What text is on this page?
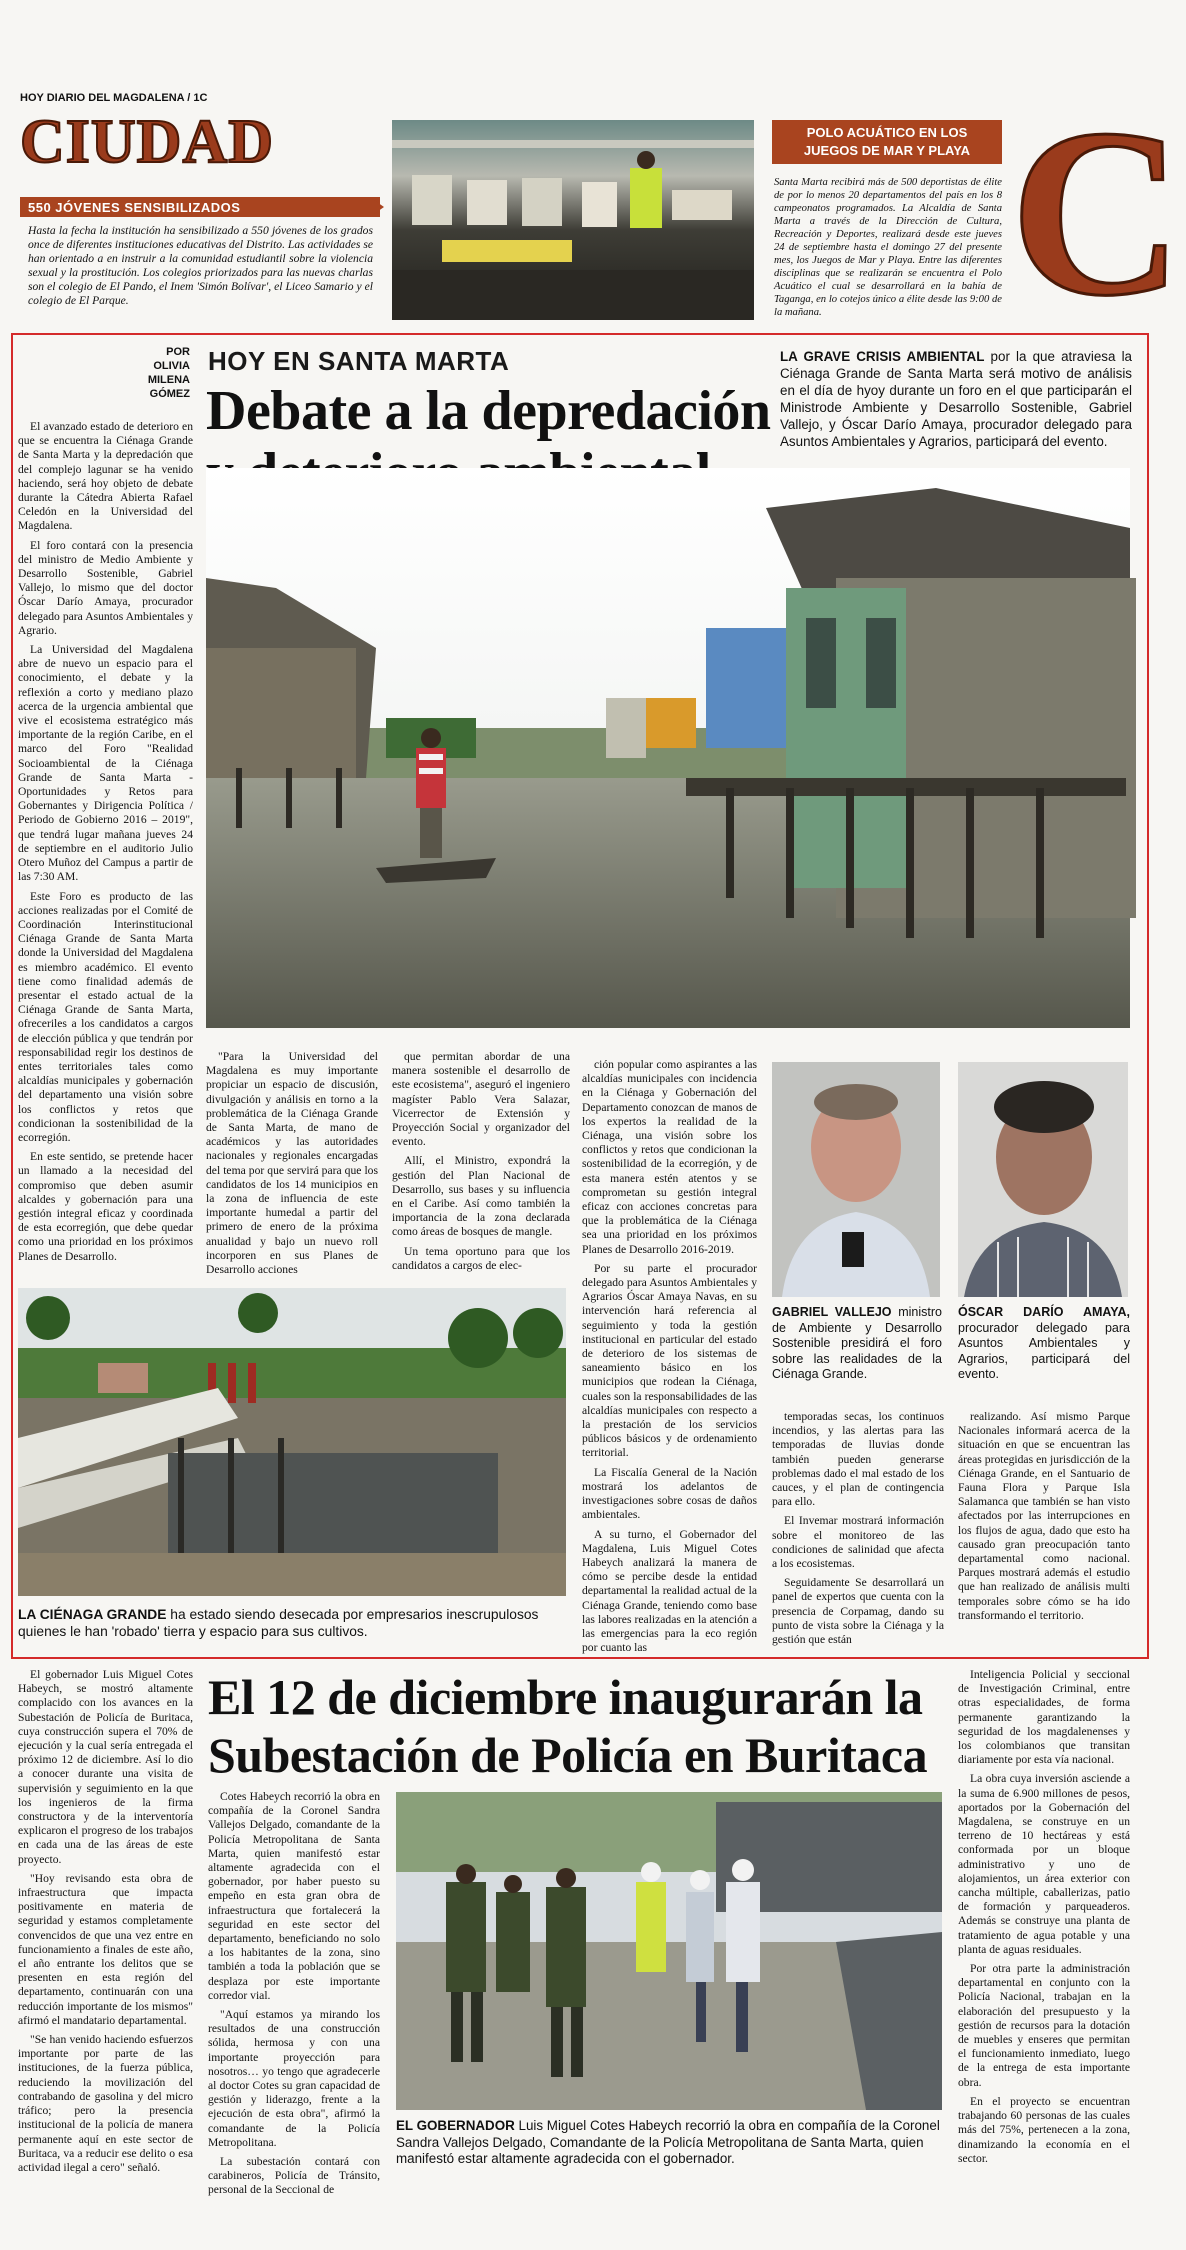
HOY DIARIO DEL MAGDALENA / 1C
CIUDAD
550 JÓVENES SENSIBILIZADOS
Hasta la fecha la institución ha sensibilizado a 550 jóvenes de los grados once de diferentes instituciones educativas del Distrito. Las actividades se han orientado a en instruir a la comunidad estudiantil sobre la violencia sexual y la prostitución. Los colegios priorizados para las nuevas charlas son el colegio de El Pando, el Inem 'Simón Bolívar', el Liceo Samario y el colegio de El Parque.
POLO ACUÁTICO EN LOS
JUEGOS DE MAR Y PLAYA
Santa Marta recibirá más de 500 deportistas de élite de por lo menos 20 departamentos del país en los 8 campeonatos programados. La Alcaldía de Santa Marta a través de la Dirección de Cultura, Recreación y Deportes, realizará desde este jueves 24 de septiembre hasta el domingo 27 del presente mes, los Juegos de Mar y Playa. Entre las diferentes disciplinas que se realizarán se encuentra el Polo Acuático el cual se desarrollará en la bahía de Taganga, en lo cotejos único a élite desde las 9:00 de la mañana. C
POR
OLIVIA
MILENA
GÓMEZ
HOY EN SANTA MARTA
Debate a la depredación
LA GRAVE CRISIS AMBIENTAL por la que atraviesa la Ciénaga Grande de Santa Marta será motivo de análisis en el día de hyoy durante un foro en el que participarán el Ministrode Ambiente y Desarrollo Sostenible, Gabriel Vallejo, y Óscar Darío Amaya, procurador delegado para Asuntos Ambientales y Agrarios, participará del evento.

El avanzado estado de deterioro en que se encuentra la Ciénaga Grande de Santa Marta y la depredación que del complejo lagunar se ha venido haciendo, será hoy objeto de debate durante la Cátedra Abierta Rafael Celedón en la Universidad del Magdalena.

El foro contará con la presencia del ministro de Medio Ambiente y Desarrollo Sostenible, Gabriel Vallejo, lo mismo que del doctor Óscar Darío Amaya, procurador delegado para Asuntos Ambientales y Agrario.

La Universidad del Magdalena abre de nuevo un espacio para el conocimiento, el debate y la reflexión a corto y mediano plazo acerca de la urgencia ambiental que vive el ecosistema estratégico más importante de la región Caribe, en el marco del Foro "Realidad Socioambiental de la Ciénaga Grande de Santa Marta - Oportunidades y Retos para Gobernantes y Dirigencia Política / Periodo de Gobierno 2016 – 2019", que tendrá lugar mañana jueves 24 de septiembre en el auditorio Julio Otero Muñoz del Campus a partir de las 7:30 AM.

Este Foro es producto de las acciones realizadas por el Comité de Coordinación Interinstitucional Ciénaga Grande de Santa Marta donde la Universidad del Magdalena es miembro académico. El evento tiene como finalidad además de presentar el estado actual de la Ciénaga Grande de Santa Marta, ofreceriles a los candidatos a cargos de elección pública y que tendrán por responsabilidad regir los destinos de entes territoriales tales como alcaldías municipales y gobernación del departamento una visión sobre los conflictos y retos que condicionan la sostenibilidad de la ecorregión.

En este sentido, se pretende hacer un llamado a la necesidad del compromiso que deben asumir alcaldes y gobernación para una gestión integral eficaz y coordinada de esta ecorregión, que debe quedar como una prioridad en los próximos Planes de Desarrollo.

"Para la Universidad del Magdalena es muy importante propiciar un espacio de discusión, divulgación y análisis en torno a la problemática de la Ciénaga Grande de Santa Marta, de mano de académicos y las autoridades nacionales y regionales encargadas del tema por que servirá para que los candidatos de los 14 municipios en la zona de influencia de este importante humedal a partir del primero de enero de la próxima anualidad y bajo un nuevo roll incorporen en sus Planes de Desarrollo acciones

que permitan abordar de una manera sostenible el desarrollo de este ecosistema", aseguró el ingeniero magíster Pablo Vera Salazar, Vicerrector de Extensión y Proyección Social y organizador del evento.

Allí, el Ministro, expondrá la gestión del Plan Nacional de Desarrollo, sus bases y su influencia en el Caribe. Así como también la importancia de la zona declarada como áreas de bosques de mangle.

Un tema oportuno para que los candidatos a cargos de elec-

ción popular como aspirantes a las alcaldías municipales con incidencia en la Ciénaga y Gobernación del Departamento conozcan de manos de los expertos la realidad de la Ciénaga, una visión sobre los conflictos y retos que condicionan la sostenibilidad de la ecorregión, y de esta manera estén atentos y se comprometan su gestión integral eficaz con acciones concretas para que la problemática de la Ciénaga sea una prioridad en los próximos Planes de Desarrollo 2016-2019.

Por su parte el procurador delegado para Asuntos Ambientales y Agrarios Óscar Amaya Navas, en su intervención hará referencia al seguimiento y toda la gestión institucional en particular del estado de deterioro de los sistemas de saneamiento básico en los municipios que rodean la Ciénaga, cuales son la responsabilidades de las alcaldías municipales con respecto a la prestación de los servicios públicos básicos y de ordenamiento territorial.

La Fiscalía General de la Nación mostrará los adelantos de investigaciones sobre cosas de daños ambientales.

A su turno, el Gobernador del Magdalena, Luis Miguel Cotes Habeych analizará la manera de cómo se percibe desde la entidad departamental la realidad actual de la Ciénaga Grande, teniendo como base las labores realizadas en la atención a las emergencias para la eco región por cuanto las

GABRIEL VALLEJO ministro de Ambiente y Desarrollo Sostenible presidirá el foro sobre las realidades de la Ciénaga Grande.
ÓSCAR DARÍO AMAYA, procurador delegado para Asuntos Ambientales y Agrarios, participará del evento.

temporadas secas, los continuos incendios, y las alertas para las temporadas de lluvias donde también pueden generarse problemas dado el mal estado de los cauces, y el plan de contingencia para ello.

El Invemar mostrará información sobre el monitoreo de las condiciones de salinidad que afecta a los ecosistemas.

Seguidamente Se desarrollará un panel de expertos que cuenta con la presencia de Corpamag, dando su punto de vista sobre la Ciénaga y la gestión que están

realizando. Así mismo Parque Nacionales informará acerca de la situación en que se encuentran las áreas protegidas en jurisdicción de la Ciénaga Grande, en el Santuario de Fauna Flora y Parque Isla Salamanca que también se han visto afectados por las interrupciones en los flujos de agua, dado que esto ha causado gran preocupación tanto departamental como nacional. Parques mostrará además el estudio que han realizado de análisis multi temporales sobre cómo se ha ido transformando el territorio.

LA CIÉNAGA GRANDE ha estado siendo desecada por empresarios inescrupulosos quienes le han 'robado' tierra y espacio para sus cultivos.
El 12 de diciembre inaugurarán la
Subestación de Policía en Buritaca

El gobernador Luis Miguel Cotes Habeych, se mostró altamente complacido con los avances en la Subestación de Policía de Buritaca, cuya construcción supera el 70% de ejecución y la cual sería entregada el próximo 12 de diciembre. Así lo dio a conocer durante una visita de supervisión y seguimiento en la que los ingenieros de la firma constructora y de la interventoría explicaron el progreso de los trabajos en cada una de las áreas de este proyecto.

"Hoy revisando esta obra de infraestructura que impacta positivamente en materia de seguridad y estamos completamente convencidos de que una vez entre en funcionamiento a finales de este año, el año entrante los delitos que se presenten en esta región del departamento, continuarán con una reducción importante de los mismos" afirmó el mandatario departamental.

"Se han venido haciendo esfuerzos importante por parte de las instituciones, de la fuerza pública, reduciendo la movilización del contrabando de gasolina y del micro tráfico; pero la presencia institucional de la policía de manera permanente aquí en este sector de Buritaca, va a reducir ese delito o esa actividad ilegal a cero" señaló.

Cotes Habeych recorrió la obra en compañía de la Coronel Sandra Vallejos Delgado, comandante de la Policía Metropolitana de Santa Marta, quien manifestó estar altamente agradecida con el gobernador, por haber puesto su empeño en esta gran obra de infraestructura que fortalecerá la seguridad en este sector del departamento, beneficiando no solo a los habitantes de la zona, sino también a toda la población que se desplaza por este importante corredor vial.

"Aquí estamos ya mirando los resultados de una construcción sólida, hermosa y con una importante proyección para nosotros… yo tengo que agradecerle al doctor Cotes su gran capacidad de gestión y liderazgo, frente a la ejecución de esta obra", afirmó la comandante de la Policía Metropolitana.

La subestación contará con carabineros, Policía de Tránsito, personal de la Seccional de

EL GOBERNADOR Luis Miguel Cotes Habeych recorrió la obra en compañía de la Coronel Sandra Vallejos Delgado, Comandante de la Policía Metropolitana de Santa Marta, quien manifestó estar altamente agradecida con el gobernador.

Inteligencia Policial y seccional de Investigación Criminal, entre otras especialidades, de forma permanente garantizando la seguridad de los magdalenenses y los colombianos que transitan diariamente por esta vía nacional.

La obra cuya inversión asciende a la suma de 6.900 millones de pesos, aportados por la Gobernación del Magdalena, se construye en un terreno de 10 hectáreas y está conformada por un bloque administrativo y uno de alojamientos, un área exterior con cancha múltiple, caballerizas, patio de formación y parqueaderos. Además se construye una planta de tratamiento de agua potable y una planta de aguas residuales.

Por otra parte la administración departamental en conjunto con la Policía Nacional, trabajan en la elaboración del presupuesto y la gestión de recursos para la dotación de muebles y enseres que permitan el funcionamiento inmediato, luego de la entrega de esta importante obra.

En el proyecto se encuentran trabajando 60 personas de las cuales más del 75%, pertenecen a la zona, dinamizando la economía en el sector.
